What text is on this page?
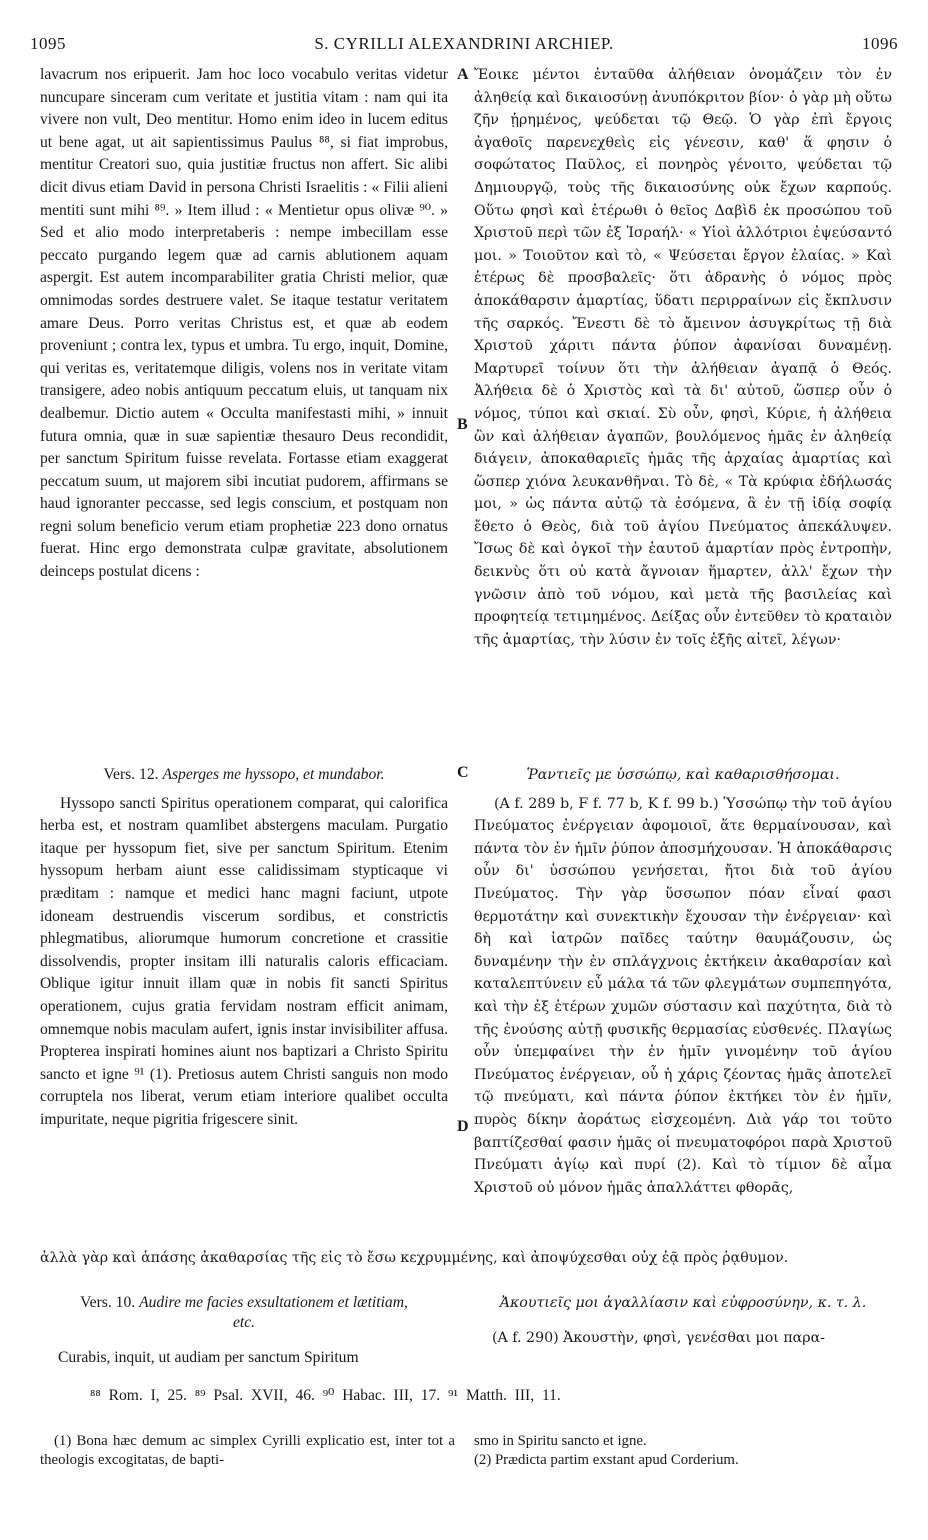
1095	S. CYRILLI ALEXANDRINI ARCHIEP.	1096
A
B
C
D

lavacrum nos eripuerit. Jam hoc loco vocabulo veritas videtur nuncupare sinceram cum veritate et justitia vitam : nam qui ita vivere non vult, Deo mentitur. Homo enim ideo in lucem editus ut bene agat, ut ait sapientissimus Paulus ⁸⁸, si fiat improbus, mentitur Creatori suo, quia justitiæ fructus non affert. Sic alibi dicit divus etiam David in persona Christi Israelitis : « Filii alieni mentiti sunt mihi ⁸⁹. » Item illud : « Mentietur opus olivæ ⁹⁰. » Sed et alio modo interpretaberis : nempe imbecillam esse peccato purgando legem quæ ad carnis ablutionem aquam aspergit. Est autem incomparabiliter gratia Christi melior, quæ omnimodas sordes destruere valet. Se itaque testatur veritatem amare Deus. Porro veritas Christus est, et quæ ab eodem proveniunt ; contra lex, typus et umbra. Tu ergo, inquit, Domine, qui veritas es, veritatemque diligis, volens nos in veritate vitam transigere, adeo nobis antiquum peccatum eluis, ut tanquam nix dealbemur. Dictio autem « Occulta manifestasti mihi, » innuit futura omnia, quæ in suæ sapientiæ thesauro Deus recondidit, per sanctum Spiritum fuisse revelata. Fortasse etiam exaggerat peccatum suum, ut majorem sibi incutiat pudorem, affirmans se haud ignoranter peccasse, sed legis conscium, et postquam non regni solum beneficio verum etiam prophetiæ 223 dono ornatus fuerat. Hinc ergo demonstrata culpæ gravitate, absolutionem deinceps postulat dicens :

Ἔοικε μέντοι ἐνταῦθα ἀλήθειαν ὀνομάζειν τὸν ἐν ἀληθείᾳ καὶ δικαιοσύνῃ ἀνυπόκριτον βίον· ὁ γὰρ μὴ οὕτω ζῆν ᾑρημένος, ψεύδεται τῷ Θεῷ. Ὁ γὰρ ἐπὶ ἔργοις ἀγαθοῖς παρενεχθεὶς εἰς γένεσιν, καθ' ἅ φησιν ὁ σοφώτατος Παῦλος, εἰ πονηρὸς γένοιτο, ψεύδεται τῷ Δημιουργῷ, τοὺς τῆς δικαιοσύνης οὐκ ἔχων καρπούς. Οὕτω φησὶ καὶ ἑτέρωθι ὁ θεῖος Δαβὶδ ἐκ προσώπου τοῦ Χριστοῦ περὶ τῶν ἐξ Ἰσραήλ· « Υἱοὶ ἀλλότριοι ἐψεύσαντό μοι. » Τοιοῦτον καὶ τὸ, « Ψεύσεται ἔργον ἐλαίας. » Καὶ ἑτέρως δὲ προσβαλεῖς· ὅτι ἀδρανὴς ὁ νόμος πρὸς ἀποκάθαρσιν ἁμαρτίας, ὕδατι περιρραίνων εἰς ἔκπλυσιν τῆς σαρκός. Ἔνεστι δὲ τὸ ἄμεινον ἀσυγκρίτως τῇ διὰ Χριστοῦ χάριτι πάντα ῥύπον ἀφανίσαι δυναμένῃ. Μαρτυρεῖ τοίνυν ὅτι τὴν ἀλήθειαν ἀγαπᾷ ὁ Θεός. Ἀλήθεια δὲ ὁ Χριστὸς καὶ τὰ δι' αὐτοῦ, ὥσπερ οὖν ὁ νόμος, τύποι καὶ σκιαί. Σὺ οὖν, φησὶ, Κύριε, ἡ ἀλήθεια ὢν καὶ ἀλήθειαν ἀγαπῶν, βουλόμενος ἡμᾶς ἐν ἀληθείᾳ διάγειν, ἀποκαθαριεῖς ἡμᾶς τῆς ἀρχαίας ἁμαρτίας καὶ ὥσπερ χιόνα λευκανθῆναι. Τὸ δὲ, « Τὰ κρύφια ἐδήλωσάς μοι, » ὡς πάντα αὐτῷ τὰ ἐσόμενα, ἃ ἐν τῇ ἰδίᾳ σοφίᾳ ἔθετο ὁ Θεὸς, διὰ τοῦ ἁγίου Πνεύματος ἀπεκάλυψεν. Ἴσως δὲ καὶ ὀγκοῖ τὴν ἑαυτοῦ ἁμαρτίαν πρὸς ἐντροπὴν, δεικνὺς ὅτι οὐ κατὰ ἄγνοιαν ἥμαρτεν, ἀλλ' ἔχων τὴν γνῶσιν ἀπὸ τοῦ νόμου, καὶ μετὰ τῆς βασιλείας καὶ προφητείᾳ τετιμημένος. Δείξας οὖν ἐντεῦθεν τὸ κραταιὸν τῆς ἁμαρτίας, τὴν λύσιν ἐν τοῖς ἑξῆς αἰτεῖ, λέγων·

Vers. 12. Asperges me hyssopo, et mundabor.

Hyssopo sancti Spiritus operationem comparat, qui calorifica herba est, et nostram quamlibet abstergens maculam. Purgatio itaque per hyssopum fiet, sive per sanctum Spiritum. Etenim hyssopum herbam aiunt esse calidissimam stypticaque vi præditam : namque et medici hanc magni faciunt, utpote idoneam destruendis viscerum sordibus, et constrictis phlegmatibus, aliorumque humorum concretione et crassitie dissolvendis, propter insitam illi naturalis caloris efficaciam. Oblique igitur innuit illam quæ in nobis fit sancti Spiritus operationem, cujus gratia fervidam nostram efficit animam, omnemque nobis maculam aufert, ignis instar invisibiliter affusa. Propterea inspirati homines aiunt nos baptizari a Christo Spiritu sancto et igne ⁹¹ (1). Pretiosus autem Christi sanguis non modo corruptela nos liberat, verum etiam interiore qualibet occulta impuritate, neque pigritia frigescere sinit.

Ῥαντιεῖς με ὑσσώπῳ, καὶ καθαρισθήσομαι.

(A f. 289 b, F f. 77 b, K f. 99 b.) Ὑσσώπῳ τὴν τοῦ ἁγίου Πνεύματος ἐνέργειαν ἀφομοιοῖ, ἅτε θερμαίνουσαν, καὶ πάντα τὸν ἐν ἡμῖν ῥύπον ἀποσμήχουσαν. Ἡ ἀποκάθαρσις οὖν δι' ὑσσώπου γενήσεται, ἤτοι διὰ τοῦ ἁγίου Πνεύματος. Τὴν γὰρ ὕσσωπον πόαν εἶναί φασι θερμοτάτην καὶ συνεκτικὴν ἔχουσαν τὴν ἐνέργειαν· καὶ δὴ καὶ ἰατρῶν παῖδες ταύτην θαυμάζουσιν, ὡς δυναμένην τὴν ἐν σπλάγχνοις ἐκτήκειν ἀκαθαρσίαν καὶ καταλεπτύνειν εὖ μάλα τά τῶν φλεγμάτων συμπεπηγότα, καὶ τὴν ἐξ ἑτέρων χυμῶν σύστασιν καὶ παχύτητα, διὰ τὸ τῆς ἐνούσης αὐτῇ φυσικῆς θερμασίας εὐσθενές. Πλαγίως οὖν ὑπεμφαίνει τὴν ἐν ἡμῖν γινομένην τοῦ ἁγίου Πνεύματος ἐνέργειαν, οὗ ἡ χάρις ζέοντας ἡμᾶς ἀποτελεῖ τῷ πνεύματι, καὶ πάντα ῥύπον ἐκτήκει τὸν ἐν ἡμῖν, πυρὸς δίκην ἀοράτως εἰσχεομένη. Διὰ γάρ τοι τοῦτο βαπτίζεσθαί φασιν ἡμᾶς οἱ πνευματοφόροι παρὰ Χριστοῦ Πνεύματι ἁγίῳ καὶ πυρί (2). Καὶ τὸ τίμιον δὲ αἷμα Χριστοῦ οὐ μόνον ἡμᾶς ἀπαλλάττει φθορᾶς,

ἀλλὰ γὰρ καὶ ἁπάσης ἀκαθαρσίας τῆς εἰς τὸ ἔσω κεχρυμμένης, καὶ ἀποψύχεσθαι οὐχ ἐᾷ πρὸς ῥᾳθυμον.
Vers. 10. Audire me facies exsultationem et lætitiam,
etc.

Curabis, inquit, ut audiam per sanctum Spiritum

Ἀκουτιεῖς μοι ἀγαλλίασιν καὶ εὐφροσύνην, κ. τ. λ.

(A f. 290) Ἀκουστὴν, φησὶ, γενέσθαι μοι παρα-

⁸⁸ Rom. I, 25. ⁸⁹ Psal. XVII, 46. ⁹⁰ Habac. III, 17. ⁹¹ Matth. III, 11.

(1) Bona hæc demum ac simplex Cyrilli explicatio est, inter tot a theologis excogitatas, de bapti-

smo in Spiritu sancto et igne.

(2) Prædicta partim exstant apud Corderium.
